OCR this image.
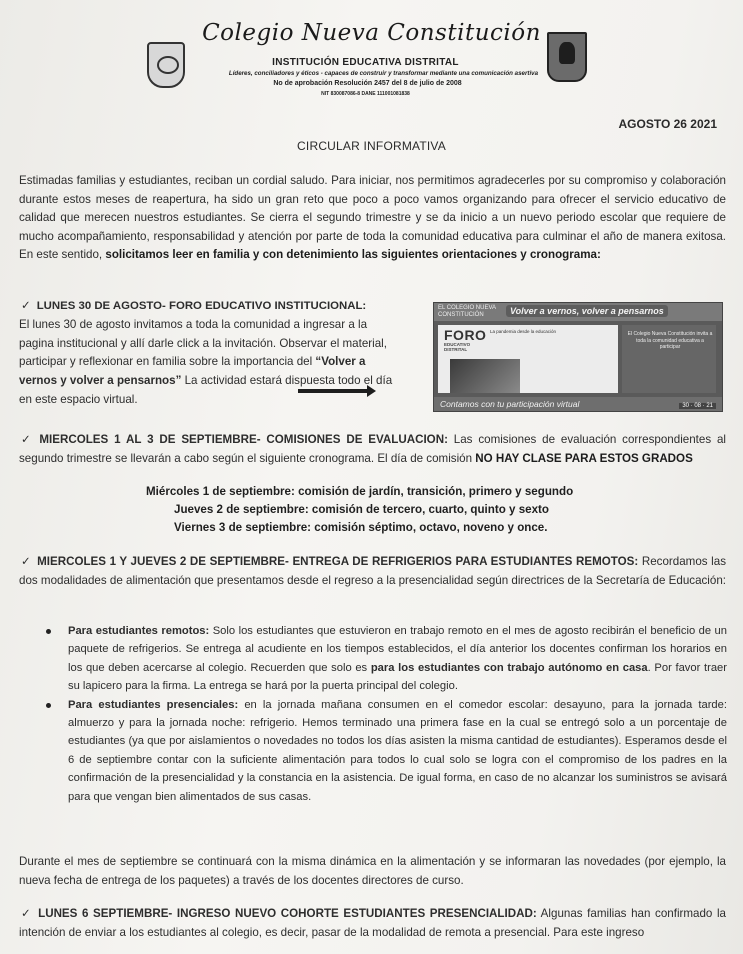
Colegio Nueva Constitución
INSTITUCIÓN EDUCATIVA DISTRITAL
Líderes, conciliadores y éticos - capaces de construir y transformar mediante una comunicación asertiva
No de aprobación Resolución 2457 del 8 de julio de 2008
NIT 830087086-8 DANE 111001081838
AGOSTO 26 2021
CIRCULAR INFORMATIVA
Estimadas familias y estudiantes, reciban un cordial saludo. Para iniciar, nos permitimos agradecerles por su compromiso y colaboración durante estos meses de reapertura, ha sido un gran reto que poco a poco vamos organizando para ofrecer el servicio educativo de calidad que merecen nuestros estudiantes. Se cierra el segundo trimestre y se da inicio a un nuevo periodo escolar que requiere de mucho acompañamiento, responsabilidad y atención por parte de toda la comunidad educativa para culminar el año de manera exitosa. En este sentido, solicitamos leer en familia y con detenimiento las siguientes orientaciones y cronograma:
✓ LUNES 30 DE AGOSTO- FORO EDUCATIVO INSTITUCIONAL:
El lunes 30 de agosto invitamos a toda la comunidad a ingresar a la pagina institucional y allí darle click a la invitación. Observar el material, participar y reflexionar en familia sobre la importancia del “Volver a vernos y volver a pensarnos” La actividad estará dispuesta todo el día en este espacio virtual.
EL COLEGIO NUEVA CONSTITUCIÓN	Volver a vernos, volver a pensarnos
FORO
EDUCATIVO DISTRITAL
La pandemia desde la educación	El Colegio Nueva Constitución invita a toda la comunidad educativa a participar
Contamos con tu participación virtual	30 · 08 · 21
✓ MIERCOLES 1 AL 3 DE SEPTIEMBRE- COMISIONES DE EVALUACION: Las comisiones de evaluación correspondientes al segundo trimestre se llevarán a cabo según el siguiente cronograma. El día de comisión NO HAY CLASE PARA ESTOS GRADOS
Miércoles 1 de septiembre: comisión de jardín, transición, primero y segundo
Jueves 2 de septiembre: comisión de tercero, cuarto, quinto y sexto
Viernes 3 de septiembre: comisión séptimo, octavo, noveno y once.
✓ MIERCOLES 1 Y JUEVES 2 DE SEPTIEMBRE- ENTREGA DE REFRIGERIOS PARA ESTUDIANTES REMOTOS: Recordamos las dos modalidades de alimentación que presentamos desde el regreso a la presencialidad según directrices de la Secretaría de Educación:
Para estudiantes remotos: Solo los estudiantes que estuvieron en trabajo remoto en el mes de agosto recibirán el beneficio de un paquete de refrigerios. Se entrega al acudiente en los tiempos establecidos, el día anterior los docentes confirman los horarios en los que deben acercarse al colegio. Recuerden que solo es para los estudiantes con trabajo autónomo en casa. Por favor traer su lapicero para la firma. La entrega se hará por la puerta principal del colegio.
Para estudiantes presenciales: en la jornada mañana consumen en el comedor escolar: desayuno, para la jornada tarde: almuerzo y para la jornada noche: refrigerio. Hemos terminado una primera fase en la cual se entregó solo a un porcentaje de estudiantes (ya que por aislamientos o novedades no todos los días asisten la misma cantidad de estudiantes). Esperamos desde el 6 de septiembre contar con la suficiente alimentación para todos lo cual solo se logra con el compromiso de los padres en la confirmación de la presencialidad y la constancia en la asistencia. De igual forma, en caso de no alcanzar los suministros se avisará para que vengan bien alimentados de sus casas.
Durante el mes de septiembre se continuará con la misma dinámica en la alimentación y se informaran las novedades (por ejemplo, la nueva fecha de entrega de los paquetes) a través de los docentes directores de curso.
✓ LUNES 6 SEPTIEMBRE- INGRESO NUEVO COHORTE ESTUDIANTES PRESENCIALIDAD: Algunas familias han confirmado la intención de enviar a los estudiantes al colegio, es decir, pasar de la modalidad de remota a presencial. Para este ingreso
